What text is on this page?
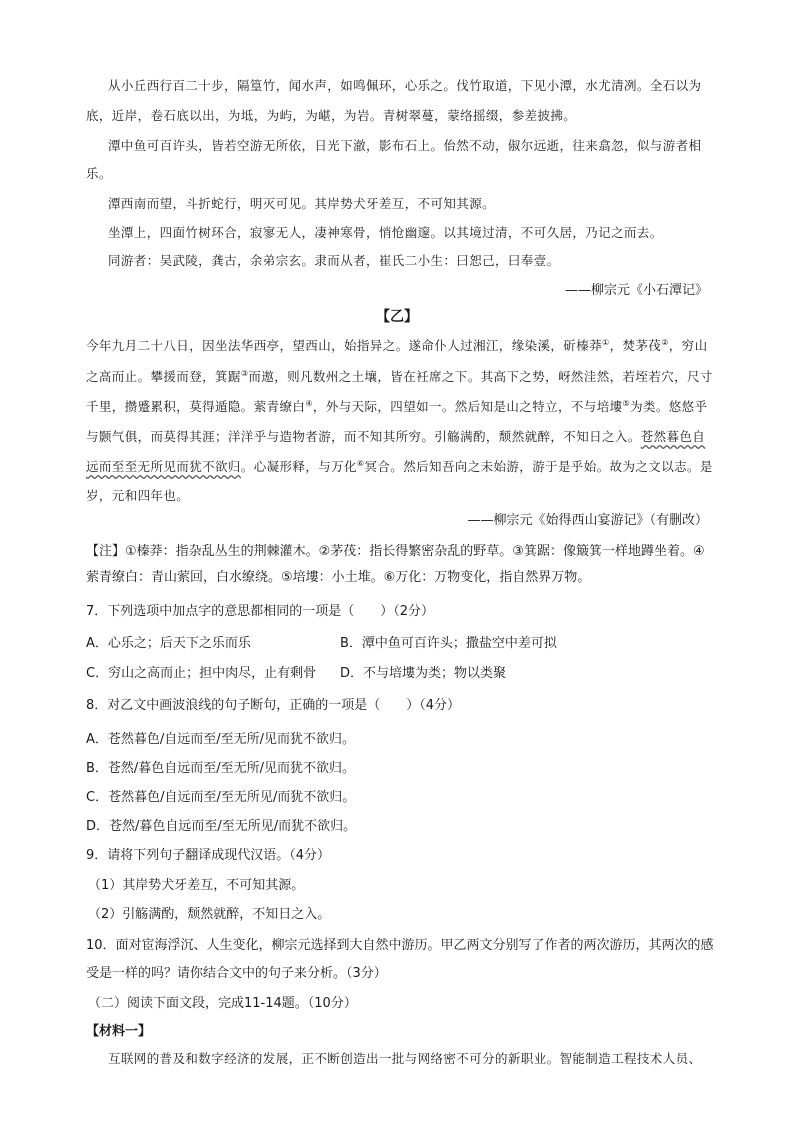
从小丘西行百二十步，隔篁竹，闻水声，如鸣佩环，心乐之。伐竹取道，下见小潭，水尤清冽。全石以为
底，近岸，卷石底以出，为坻，为屿，为嵁，为岩。青树翠蔓，蒙络摇缀，参差披拂。
潭中鱼可百许头，皆若空游无所依，日光下澈，影布石上。佁然不动，俶尔远逝，往来翕忽，似与游者相
乐。
潭西南而望，斗折蛇行，明灭可见。其岸势犬牙差互，不可知其源。
坐潭上，四面竹树环合，寂寥无人，凄神寒骨，悄怆幽邃。以其境过清，不可久居，乃记之而去。
同游者：吴武陵，龚古，余弟宗玄。隶而从者，崔氏二小生：曰恕己，曰奉壹。
——柳宗元《小石潭记》
【乙】
今年九月二十八日，因坐法华西亭，望西山，始指异之。遂命仆人过湘江，缘染溪，斫榛莽①，焚茅茷②，穷山
之高而止。攀援而登，箕踞③而遨，则凡数州之土壤，皆在衽席之下。其高下之势，岈然洼然，若垤若穴，尺寸
千里，攒蹙累积，莫得遁隐。萦青缭白④，外与天际，四望如一。然后知是山之特立，不与培塿⑤为类。悠悠乎
与颢气俱，而莫得其涯；洋洋乎与造物者游，而不知其所穷。引觞满酌，颓然就醉，不知日之入。苍然暮色自
远而至至无所见而犹不欲归。心凝形释，与万化⑥冥合。然后知吾向之未始游，游于是乎始。故为之文以志。是
岁，元和四年也。
——柳宗元《始得西山宴游记》（有删改）
【注】①榛莽：指杂乱丛生的荆棘灌木。②茅茷：指长得繁密杂乱的野草。③箕踞：像簸箕一样地蹲坐着。④
萦青缭白：青山萦回，白水缭绕。⑤培塿：小土堆。⑥万化：万物变化，指自然界万物。
7．下列选项中加点字的意思都相同的一项是（　　）（2分）
A．心乐之；后天下之乐而乐	B．潭中鱼可百许头；撒盐空中差可拟
C．穷山之高而止；担中肉尽，止有剩骨 D．不与培塿为类；物以类聚
8．对乙文中画波浪线的句子断句，正确的一项是（　　）（4分）
A．苍然暮色/自远而至/至无所/见而犹不欲归。
B．苍然/暮色自远而至/至无所/见而犹不欲归。
C．苍然暮色/自远而至/至无所见/而犹不欲归。
D．苍然/暮色自远而至/至无所见/而犹不欲归。
9．请将下列句子翻译成现代汉语。（4分）
（1）其岸势犬牙差互，不可知其源。
（2）引觞满酌，颓然就醉，不知日之入。
10．面对宦海浮沉、人生变化，柳宗元选择到大自然中游历。甲乙两文分别写了作者的两次游历，其两次的感
受是一样的吗？请你结合文中的句子来分析。（3分）
（二）阅读下面文段，完成11-14题。（10分）
【材料一】
互联网的普及和数字经济的发展，正不断创造出一批与网络密不可分的新职业。智能制造工程技术人员、
